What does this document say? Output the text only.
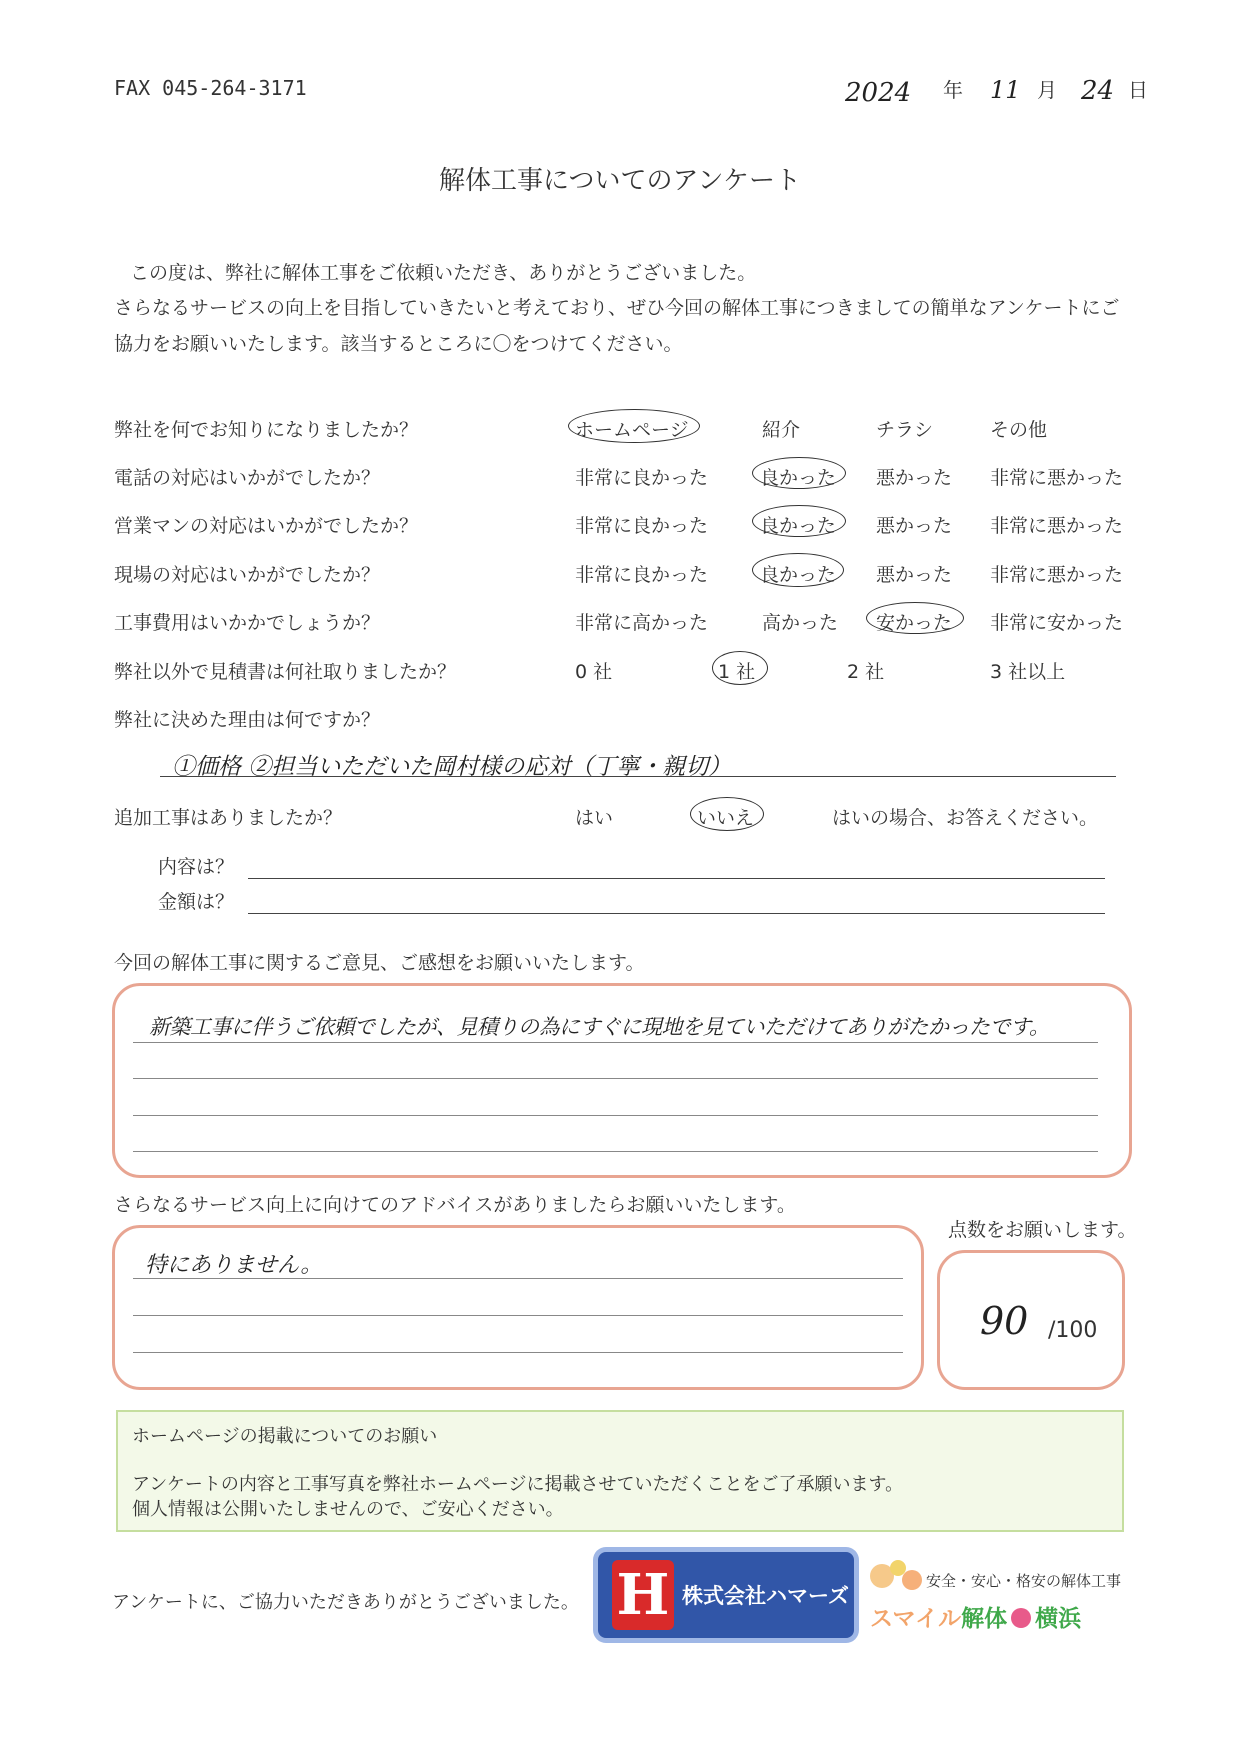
FAX 045-264-3171	2024 年 11 月 24 日
解体工事についてのアンケート
この度は、弊社に解体工事をご依頼いただき、ありがとうございました。
さらなるサービスの向上を目指していきたいと考えており、ぜひ今回の解体工事につきましての簡単なアンケートにご
協力をお願いいたします。該当するところに〇をつけてください。
弊社を何でお知りになりましたか？	ホームページ	紹介	チラシ	その他
電話の対応はいかがでしたか？	非常に良かった	良かった 悪かった 非常に悪かった
営業マンの対応はいかがでしたか？	非常に良かった	良かった 悪かった 非常に悪かった
現場の対応はいかがでしたか？	非常に良かった	良かった 悪かった 非常に悪かった
工事費用はいかかでしょうか？	非常に高かった	高かった 安かった 非常に安かった
弊社以外で見積書は何社取りましたか？	0 社	1 社	2 社	3 社以上
弊社に決めた理由は何ですか？
①価格 ②担当いただいた岡村様の応対（丁寧・親切）
追加工事はありましたか？	はい	いいえ	はいの場合、お答えください。
内容は？
金額は？
今回の解体工事に関するご意見、ご感想をお願いいたします。
新築工事に伴うご依頼でしたが、見積りの為にすぐに現地を見ていただけてありがたかったです。
さらなるサービス向上に向けてのアドバイスがありましたらお願いいたします。
特にありません。
点数をお願いします。
90 /100
ホームページの掲載についてのお願い
アンケートの内容と工事写真を弊社ホームページに掲載させていただくことをご了承願います。
個人情報は公開いたしませんので、ご安心ください。
アンケートに、ご協力いただきありがとうございました。 H 株式会社ハマーズ
安全・安心・格安の解体工事
スマイル解体 横浜
